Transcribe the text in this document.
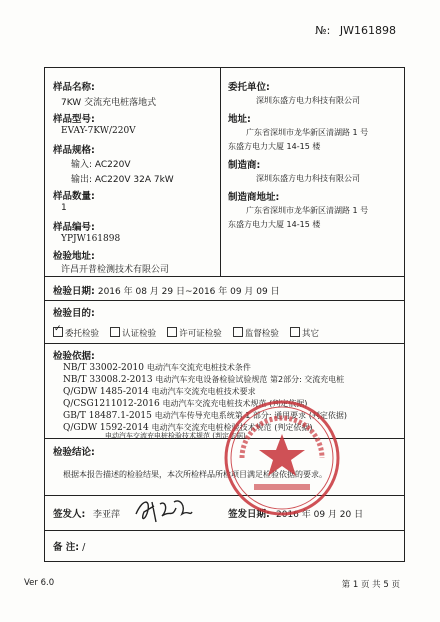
№: JW161898
样品名称:
7KW 交流充电桩落地式
样品型号:
EVAY-7KW/220V
样品规格:
输入: AC220V
输出: AC220V 32A 7kW
样品数量:
1
样品编号:
YPJW161898
检验地址:
许昌开普检测技术有限公司
委托单位:
深圳东盛方电力科技有限公司
地址:
广东省深圳市龙华新区清湖路 1 号
东盛方电力大厦 14-15 楼
制造商:
深圳东盛方电力科技有限公司
制造商地址:
广东省深圳市龙华新区清湖路 1 号
东盛方电力大厦 14-15 楼
检验日期: 2016 年 08 月 29 日~2016 年 09 月 09 日
检验目的:
✓委托检验	认证检验	许可证检验	监督检验	其它
检验依据:
NB/T 33002-2010 电动汽车交流充电桩技术条件
NB/T 33008.2-2013 电动汽车充电设备检验试验规范 第2部分: 交流充电桩
Q/GDW 1485-2014 电动汽车交流充电桩技术要求
Q/CSG1211012-2016 电动汽车交流充电桩技术规范 (判定依据)
GB/T 18487.1-2015 电动汽车传导充电系统第 1 部分: 通用要求 (判定依据)
Q/GDW 1592-2014 电动汽车交流充电桩检验技术规范 (判定依据)
电动汽车交流充电桩检验技术规范 (判定依据)
检验结论:
根据本报告描述的检验结果，本次所检样品所检项目满足检验依据的要求。
签发人: 李亚萍	签发日期: 2016 年 09 月 20 日
备 注: /
Ver 6.0	第 1 页 共 5 页
